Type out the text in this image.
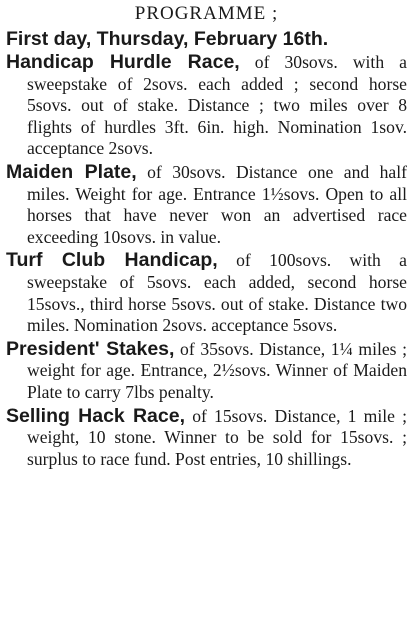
PROGRAMME ;

First day, Thursday, February 16th.

Handicap Hurdle Race, of 30sovs. with a sweepstake of 2sovs. each added ; second horse 5sovs. out of stake. Distance ; two miles over 8 flights of hurdles 3ft. 6in. high. Nomination 1sov. acceptance 2sovs.

Maiden Plate, of 30sovs. Distance one and half miles. Weight for age. Entrance 1½sovs. Open to all horses that have never won an advertised race exceeding 10sovs. in value.

Turf Club Handicap, of 100sovs. with a sweepstake of 5sovs. each added, second horse 15sovs., third horse 5sovs. out of stake. Distance two miles. Nomination 2sovs. acceptance 5sovs.

President' Stakes, of 35sovs. Distance, 1¼ miles ; weight for age. Entrance, 2½sovs. Winner of Maiden Plate to carry 7lbs penalty.

Selling Hack Race, of 15sovs. Distance, 1 mile ; weight, 10 stone. Winner to be sold for 15sovs. ; surplus to race fund. Post entries, 10 shillings.
